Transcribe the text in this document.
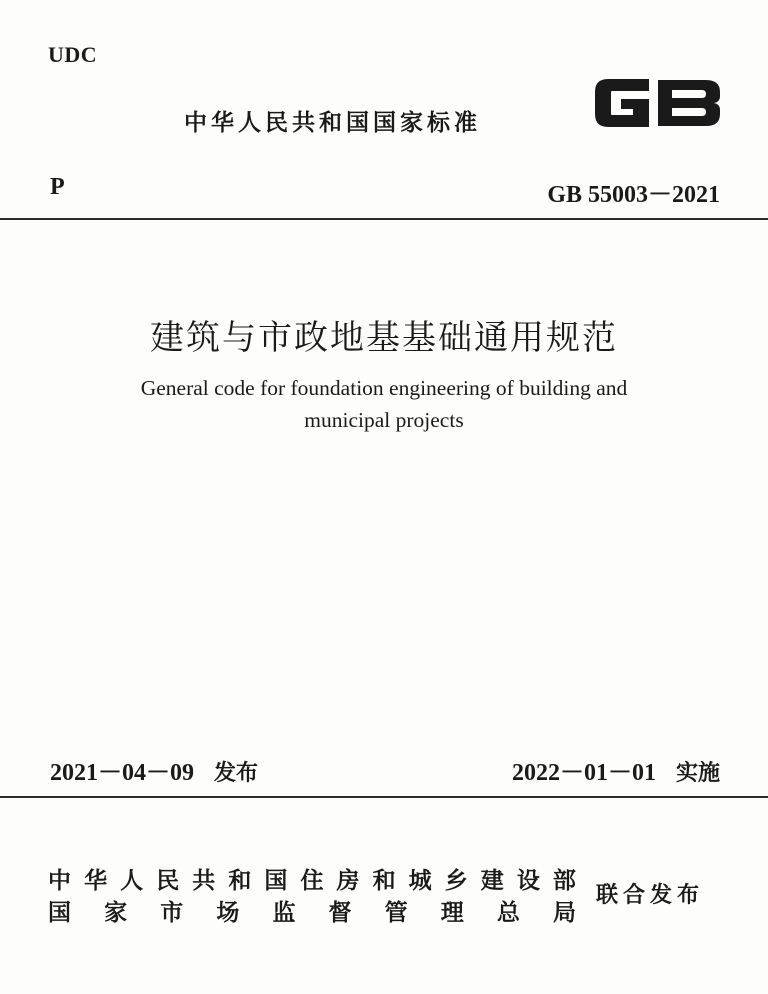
UDC
中华人民共和国国家标准
P	GB 55003－2021
建筑与市政地基基础通用规范
General code for foundation engineering of building and
municipal projects
2021－04－09 发布	2022－01－01 实施
中 华 人 民 共 和 国 住 房 和 城 乡 建 设 部
国 家 市 场 监 督 管 理 总 局
联合发布
